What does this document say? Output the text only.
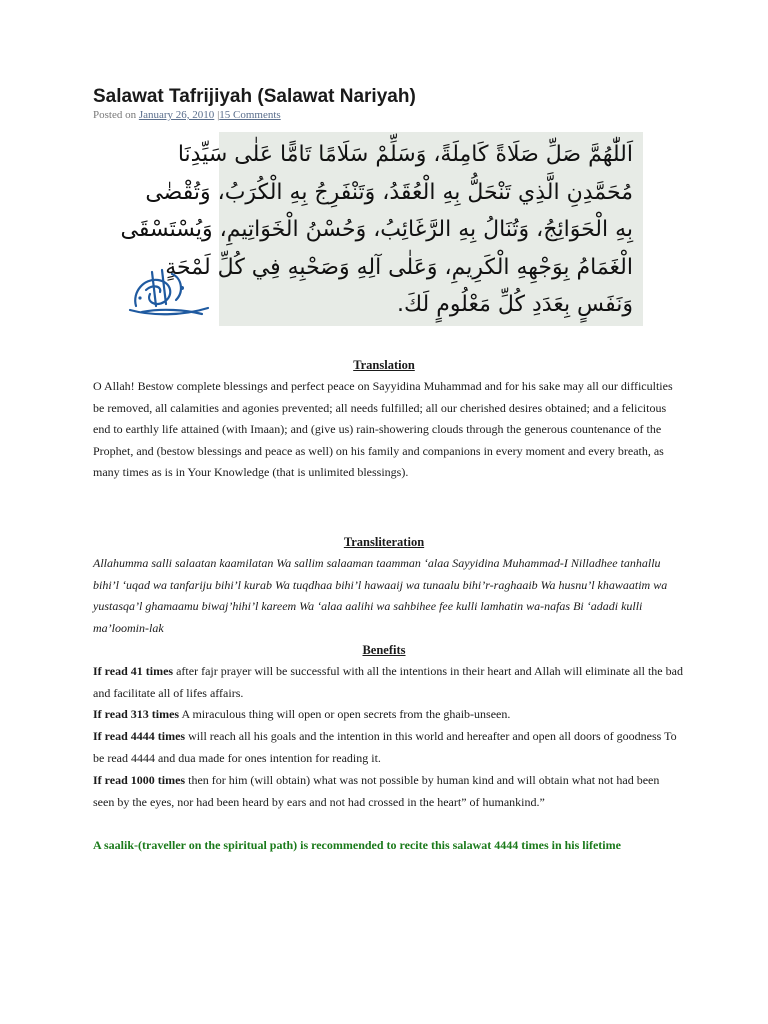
Salawat Tafrijiyah (Salawat Nariyah)
Posted on January 26, 2010 |15 Comments
اَللّٰهُمَّ صَلِّ صَلَاةً كَامِلَةً، وَسَلِّمْ سَلَامًا تَامًّا عَلٰى سَيِّدِنَا
مُحَمَّدِنِ الَّذِي تَنْحَلُّ بِهِ الْعُقَدُ، وَتَنْفَرِجُ بِهِ الْكُرَبُ، وَتُقْضٰى
بِهِ الْحَوَائِجُ، وَتُنَالُ بِهِ الرَّغَائِبُ، وَحُسْنُ الْخَوَاتِيمِ، وَيُسْتَسْقَى
الْغَمَامُ بِوَجْهِهِ الْكَرِيمِ، وَعَلٰى آلِهِ وَصَحْبِهِ فِي كُلِّ لَمْحَةٍ
وَنَفَسٍ بِعَدَدِ كُلِّ مَعْلُومٍ لَكَ.
Translation

O Allah! Bestow complete blessings and perfect peace on Sayyidina Muhammad and for his sake may all our difficulties be removed, all calamities and agonies prevented; all needs fulfilled; all our cherished desires obtained; and a felicitous end to earthly life attained (with Imaan); and (give us) rain-showering clouds through the generous countenance of the Prophet, and (bestow blessings and peace as well) on his family and companions in every moment and every breath, as many times as is in Your Knowledge (that is unlimited blessings).

Transliteration

Allahumma salli salaatan kaamilatan Wa sallim salaaman taamman ‘alaa Sayyidina Muhammad-I Nilladhee tanhallu bihi’l ‘uqad wa tanfariju bihi’l kurab Wa tuqdhaa bihi’l hawaaij wa tunaalu bihi’r-raghaaib Wa husnu’l khawaatim wa yustasqa’l ghamaamu biwaj’hihi’l kareem Wa ‘alaa aalihi wa sahbihee fee kulli lamhatin wa-nafas Bi ‘adadi kulli ma’loomin-lak

Benefits

If read 41 times after fajr prayer will be successful with all the intentions in their heart and Allah will eliminate all the bad and facilitate all of lifes affairs.

If read 313 times A miraculous thing will open or open secrets from the ghaib-unseen.

If read 4444 times will reach all his goals and the intention in this world and hereafter and open all doors of goodness To be read 4444 and dua made for ones intention for reading it.

If read 1000 times then for him (will obtain) what was not possible by human kind and will obtain what not had been seen by the eyes, nor had been heard by ears and not had crossed in the heart” of humankind.”

A saalik-(traveller on the spiritual path) is recommended to recite this salawat 4444 times in his lifetime
